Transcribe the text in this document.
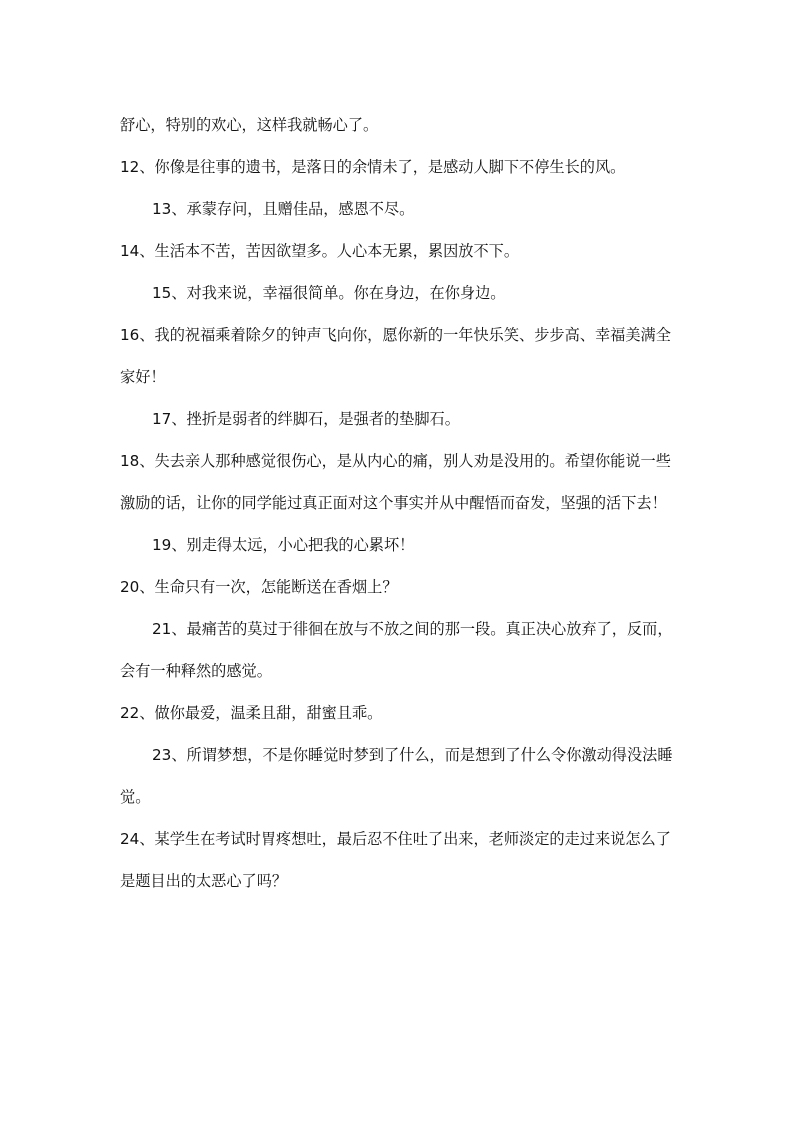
舒心，特别的欢心，这样我就畅心了。

12、你像是往事的遗书，是落日的余情未了，是感动人脚下不停生长的风。

13、承蒙存问，且赠佳品，感恩不尽。

14、生活本不苦，苦因欲望多。人心本无累，累因放不下。

15、对我来说，幸福很简单。你在身边，在你身边。

16、我的祝福乘着除夕的钟声飞向你，愿你新的一年快乐笑、步步高、幸福美满全家好！

17、挫折是弱者的绊脚石，是强者的垫脚石。

18、失去亲人那种感觉很伤心，是从内心的痛，别人劝是没用的。希望你能说一些激励的话，让你的同学能过真正面对这个事实并从中醒悟而奋发，坚强的活下去！

19、别走得太远，小心把我的心累坏！

20、生命只有一次，怎能断送在香烟上？

21、最痛苦的莫过于徘徊在放与不放之间的那一段。真正决心放弃了，反而，会有一种释然的感觉。

22、做你最爱，温柔且甜，甜蜜且乖。

23、所谓梦想，不是你睡觉时梦到了什么，而是想到了什么令你激动得没法睡觉。

24、某学生在考试时胃疼想吐，最后忍不住吐了出来，老师淡定的走过来说怎么了是题目出的太恶心了吗？
